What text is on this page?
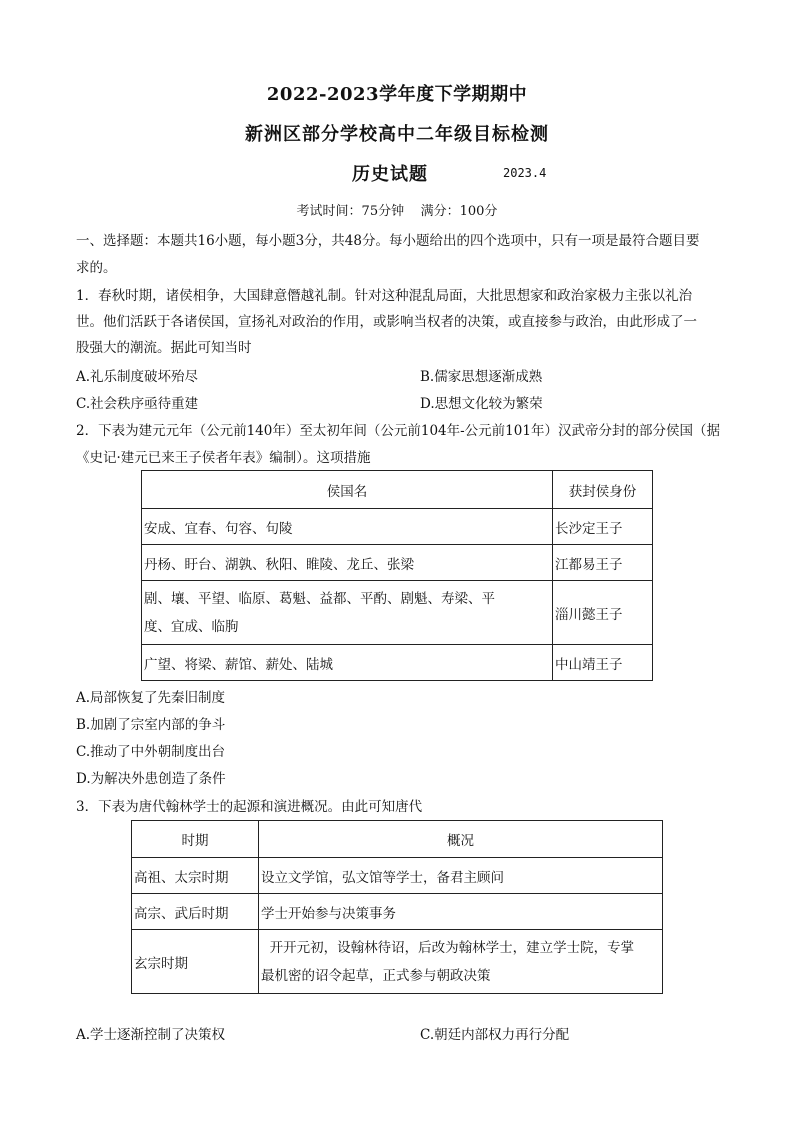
2022-2023学年度下学期期中
新洲区部分学校高中二年级目标检测
历史试题	2023.4
考试时间：75分钟    满分：100分
一、选择题：本题共16小题，每小题3分，共48分。每小题给出的四个选项中，只有一项是最符合题目要
求的。
1．春秋时期，诸侯相争，大国肆意僭越礼制。针对这种混乱局面，大批思想家和政治家极力主张以礼治
世。他们活跃于各诸侯国，宣扬礼对政治的作用，或影响当权者的决策，或直接参与政治，由此形成了一
股强大的潮流。据此可知当时
A.礼乐制度破坏殆尽	B.儒家思想逐渐成熟
C.社会秩序亟待重建	D.思想文化较为繁荣
2．下表为建元元年（公元前140年）至太初年间（公元前104年-公元前101年）汉武帝分封的部分侯国（据
《史记·建元已来王子侯者年表》编制）。这项措施
侯国名	获封侯身份
安成、宜春、句容、句陵	长沙定王子
丹杨、盱台、湖孰、秋阳、睢陵、龙丘、张梁	江都易王子

剧、壤、平望、临原、葛魁、益都、平酌、剧魁、寿梁、平
度、宜成、临朐	淄川懿王子
广望、将梁、薪馆、薪处、陆城	中山靖王子
A.局部恢复了先秦旧制度
B.加剧了宗室内部的争斗
C.推动了中外朝制度出台
D.为解决外患创造了条件
3．下表为唐代翰林学士的起源和演进概况。由此可知唐代
时期	概况
高祖、太宗时期	设立文学馆，弘文馆等学士，备君主顾问
高宗、武后时期	学士开始参与决策事务
玄宗时期	开开元初，设翰林待诏，后改为翰林学士，建立学士院，专掌
最机密的诏令起草，正式参与朝政决策
A.学士逐渐控制了决策权	C.朝廷内部权力再行分配
